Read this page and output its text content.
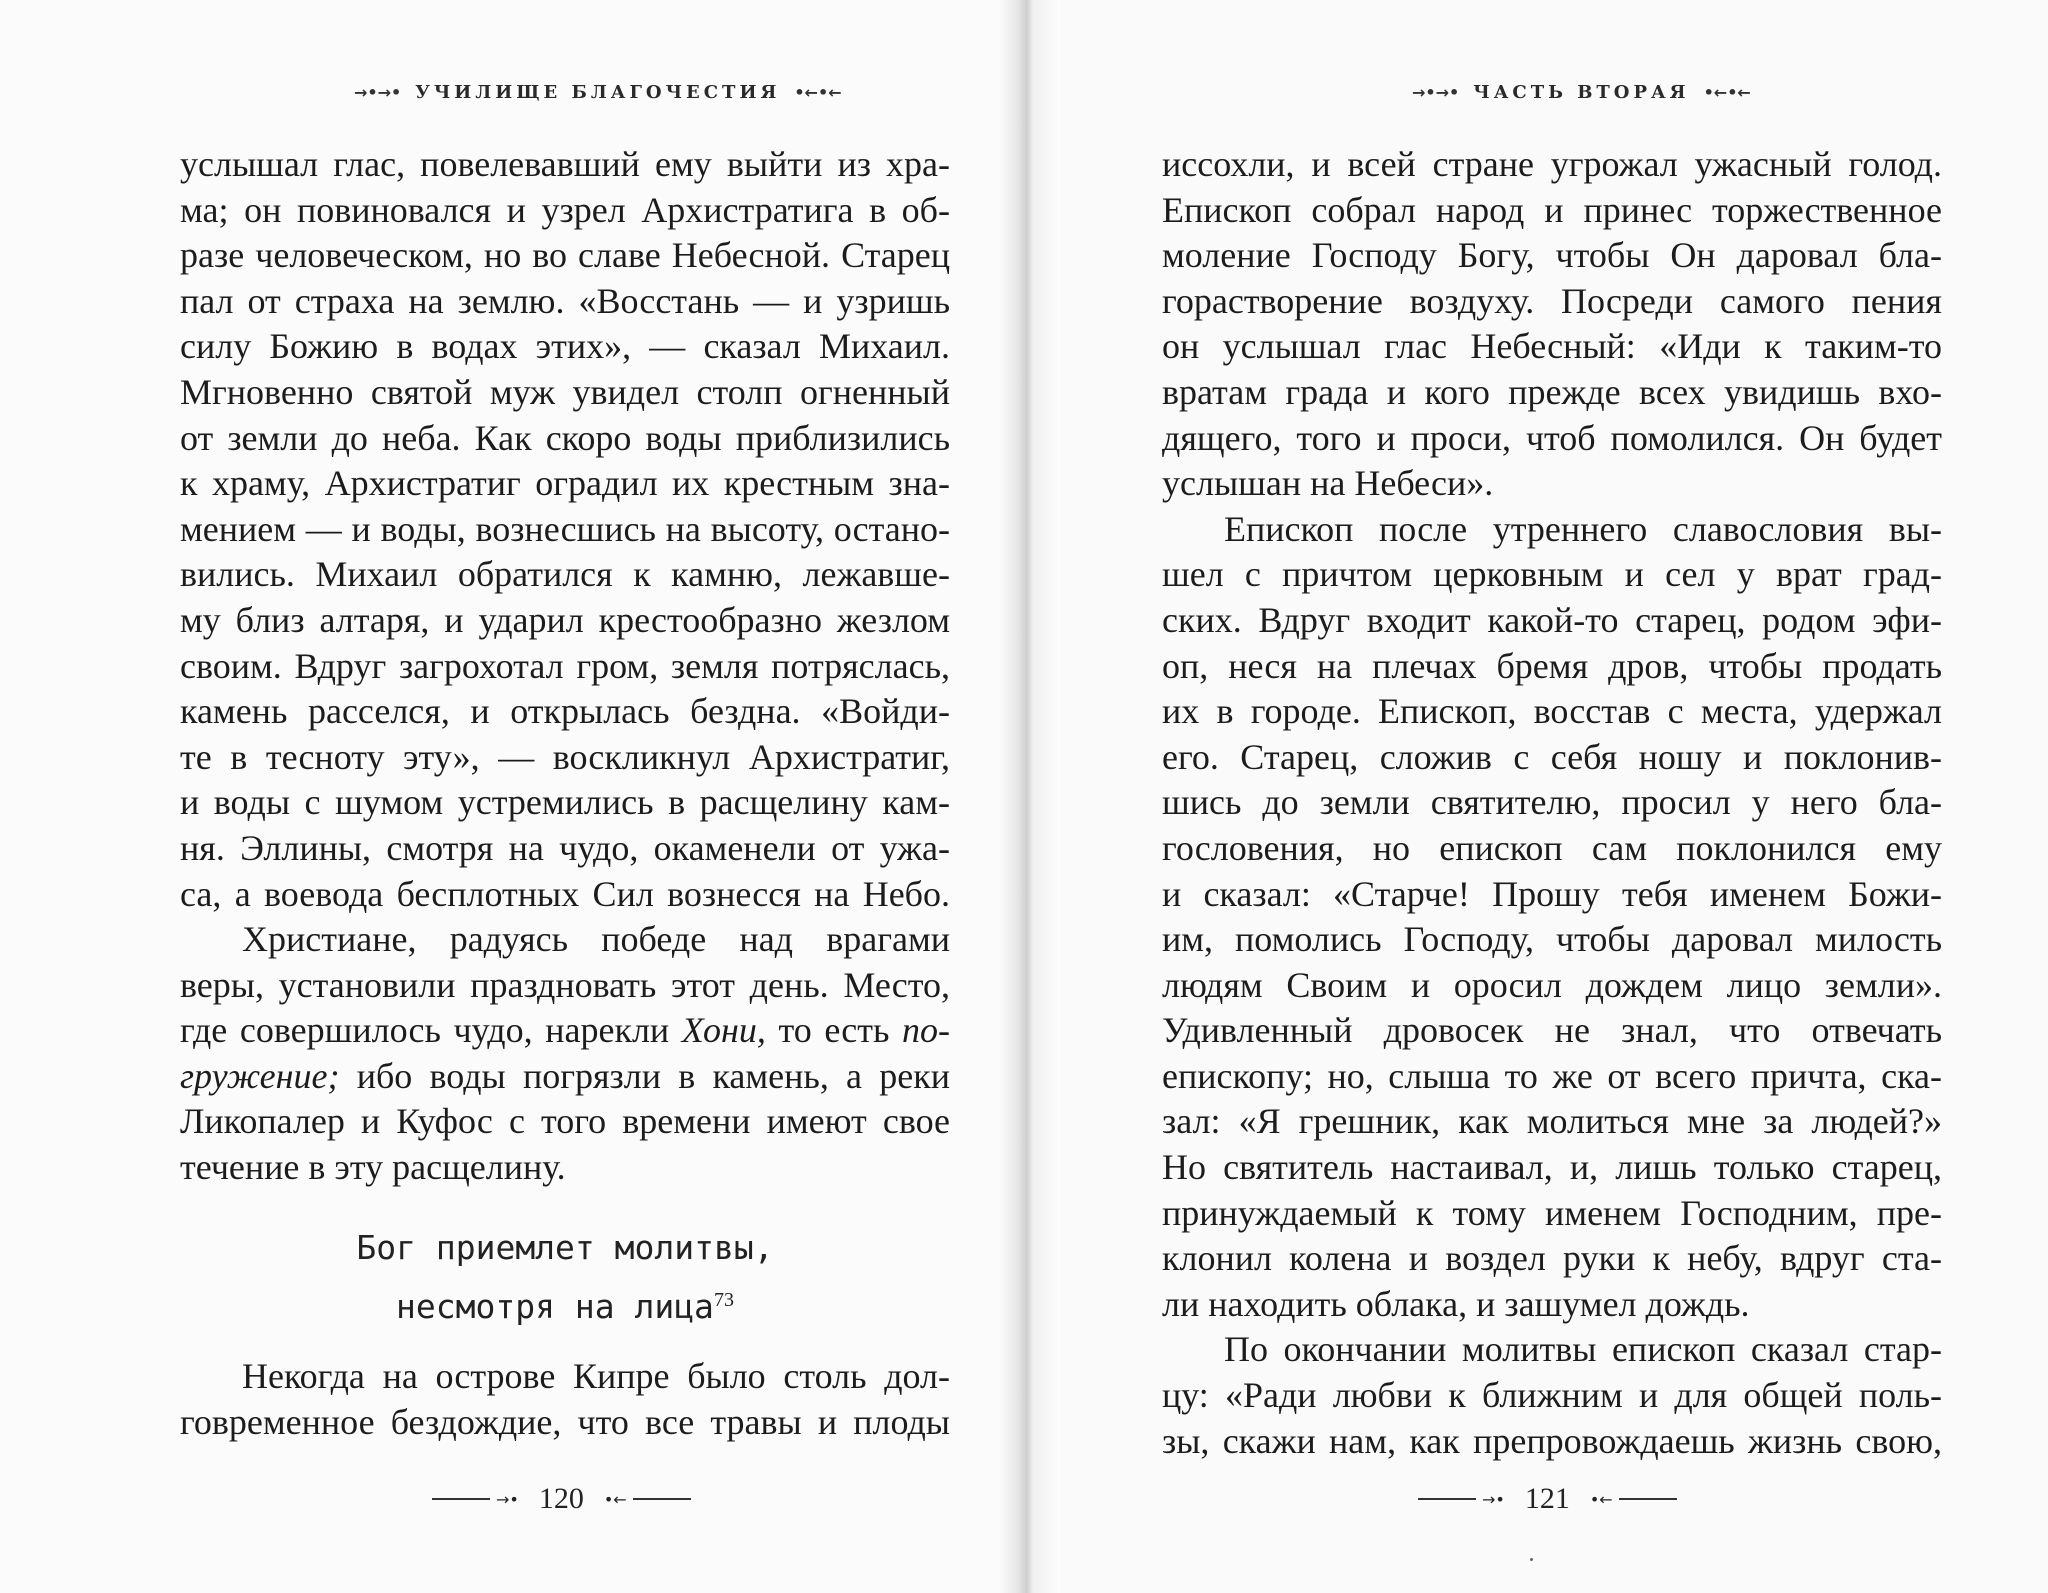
→•→• УЧИЛИЩЕ БЛАГОЧЕСТИЯ •←•←
услышал глас, повелевавший ему выйти из хра-
ма; он повиновался и узрел Архистратига в об-
разе человеческом, но во славе Небесной. Старец
пал от страха на землю. «Восстань — и узришь
силу Божию в водах этих», — сказал Михаил.
Мгновенно святой муж увидел столп огненный
от земли до неба. Как скоро воды приблизились
к храму, Архистратиг оградил их крестным зна-
мением — и воды, вознесшись на высоту, остано-
вились. Михаил обратился к камню, лежавше-
му близ алтаря, и ударил крестообразно жезлом
своим. Вдруг загрохотал гром, земля потряслась,
камень расселся, и открылась бездна. «Войди-
те в тесноту эту», — воскликнул Архистратиг,
и воды с шумом устремились в расщелину кам-
ня. Эллины, смотря на чудо, окаменели от ужа-
са, а воевода бесплотных Сил вознесся на Небо.
Христиане, радуясь победе над врагами
веры, установили праздновать этот день. Место,
где совершилось чудо, нарекли Хони, то есть по-
гружение; ибо воды погрязли в камень, а реки
Ликопалер и Куфос с того времени имеют свое
течение в эту расщелину.
Бог приемлет молитвы,
несмотря на лица$^{73}$
Некогда на острове Кипре было столь дол-
говременное бездождие, что все травы и плоды
→• 120 •←
→•→• ЧАСТЬ ВТОРАЯ •←•←
иссохли, и всей стране угрожал ужасный голод.
Епископ собрал народ и принес торжественное
моление Господу Богу, чтобы Он даровал бла-
горастворение воздуху. Посреди самого пения
он услышал глас Небесный: «Иди к таким-то
вратам града и кого прежде всех увидишь вхо-
дящего, того и проси, чтоб помолился. Он будет
услышан на Небеси».
Епископ после утреннего славословия вы-
шел с причтом церковным и сел у врат град-
ских. Вдруг входит какой-то старец, родом эфи-
оп, неся на плечах бремя дров, чтобы продать
их в городе. Епископ, восстав с места, удержал
его. Старец, сложив с себя ношу и поклонив-
шись до земли святителю, просил у него бла-
гословения, но епископ сам поклонился ему
и сказал: «Старче! Прошу тебя именем Божи-
им, помолись Господу, чтобы даровал милость
людям Своим и оросил дождем лицо земли».
Удивленный дровосек не знал, что отвечать
епископу; но, слыша то же от всего причта, ска-
зал: «Я грешник, как молиться мне за людей?»
Но святитель настаивал, и, лишь только старец,
принуждаемый к тому именем Господним, пре-
клонил колена и воздел руки к небу, вдруг ста-
ли находить облака, и зашумел дождь.
По окончании молитвы епископ сказал стар-
цу: «Ради любви к ближним и для общей поль-
зы, скажи нам, как препровождаешь жизнь свою,
→• 121 •←
